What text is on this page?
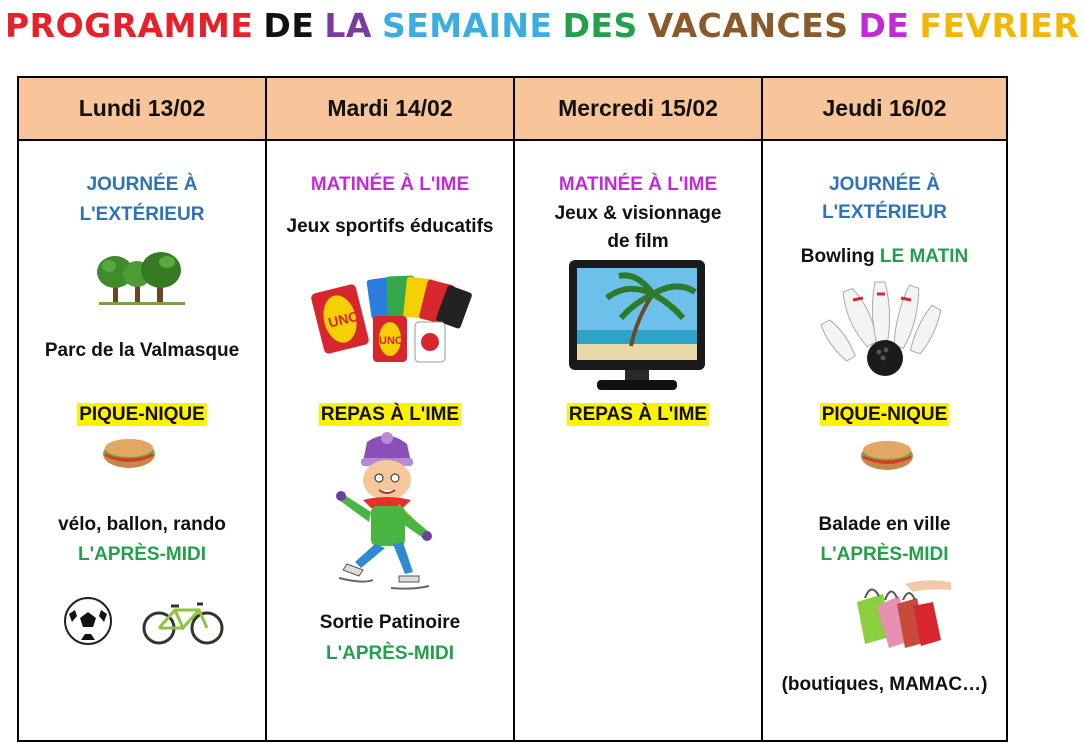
PROGRAMME DE LA SEMAINE DES VACANCES DE FEVRIER
Lundi 13/02
JOURNÉE À
L'EXTÉRIEUR
Parc de la Valmasque
PIQUE-NIQUE
vélo, ballon, rando
L'APRÈS-MIDI
Mardi 14/02
MATINÉE À L'IME
Jeux sportifs éducatifs
UNO
UNO
REPAS À L'IME
Sortie Patinoire
L'APRÈS-MIDI
Mercredi 15/02
MATINÉE À L'IME
Jeux & visionnage
de film
REPAS À L'IME
Jeudi 16/02
JOURNÉE À
L'EXTÉRIEUR
Bowling LE MATIN
PIQUE-NIQUE
Balade en ville
L'APRÈS-MIDI
(boutiques, MAMAC…)
